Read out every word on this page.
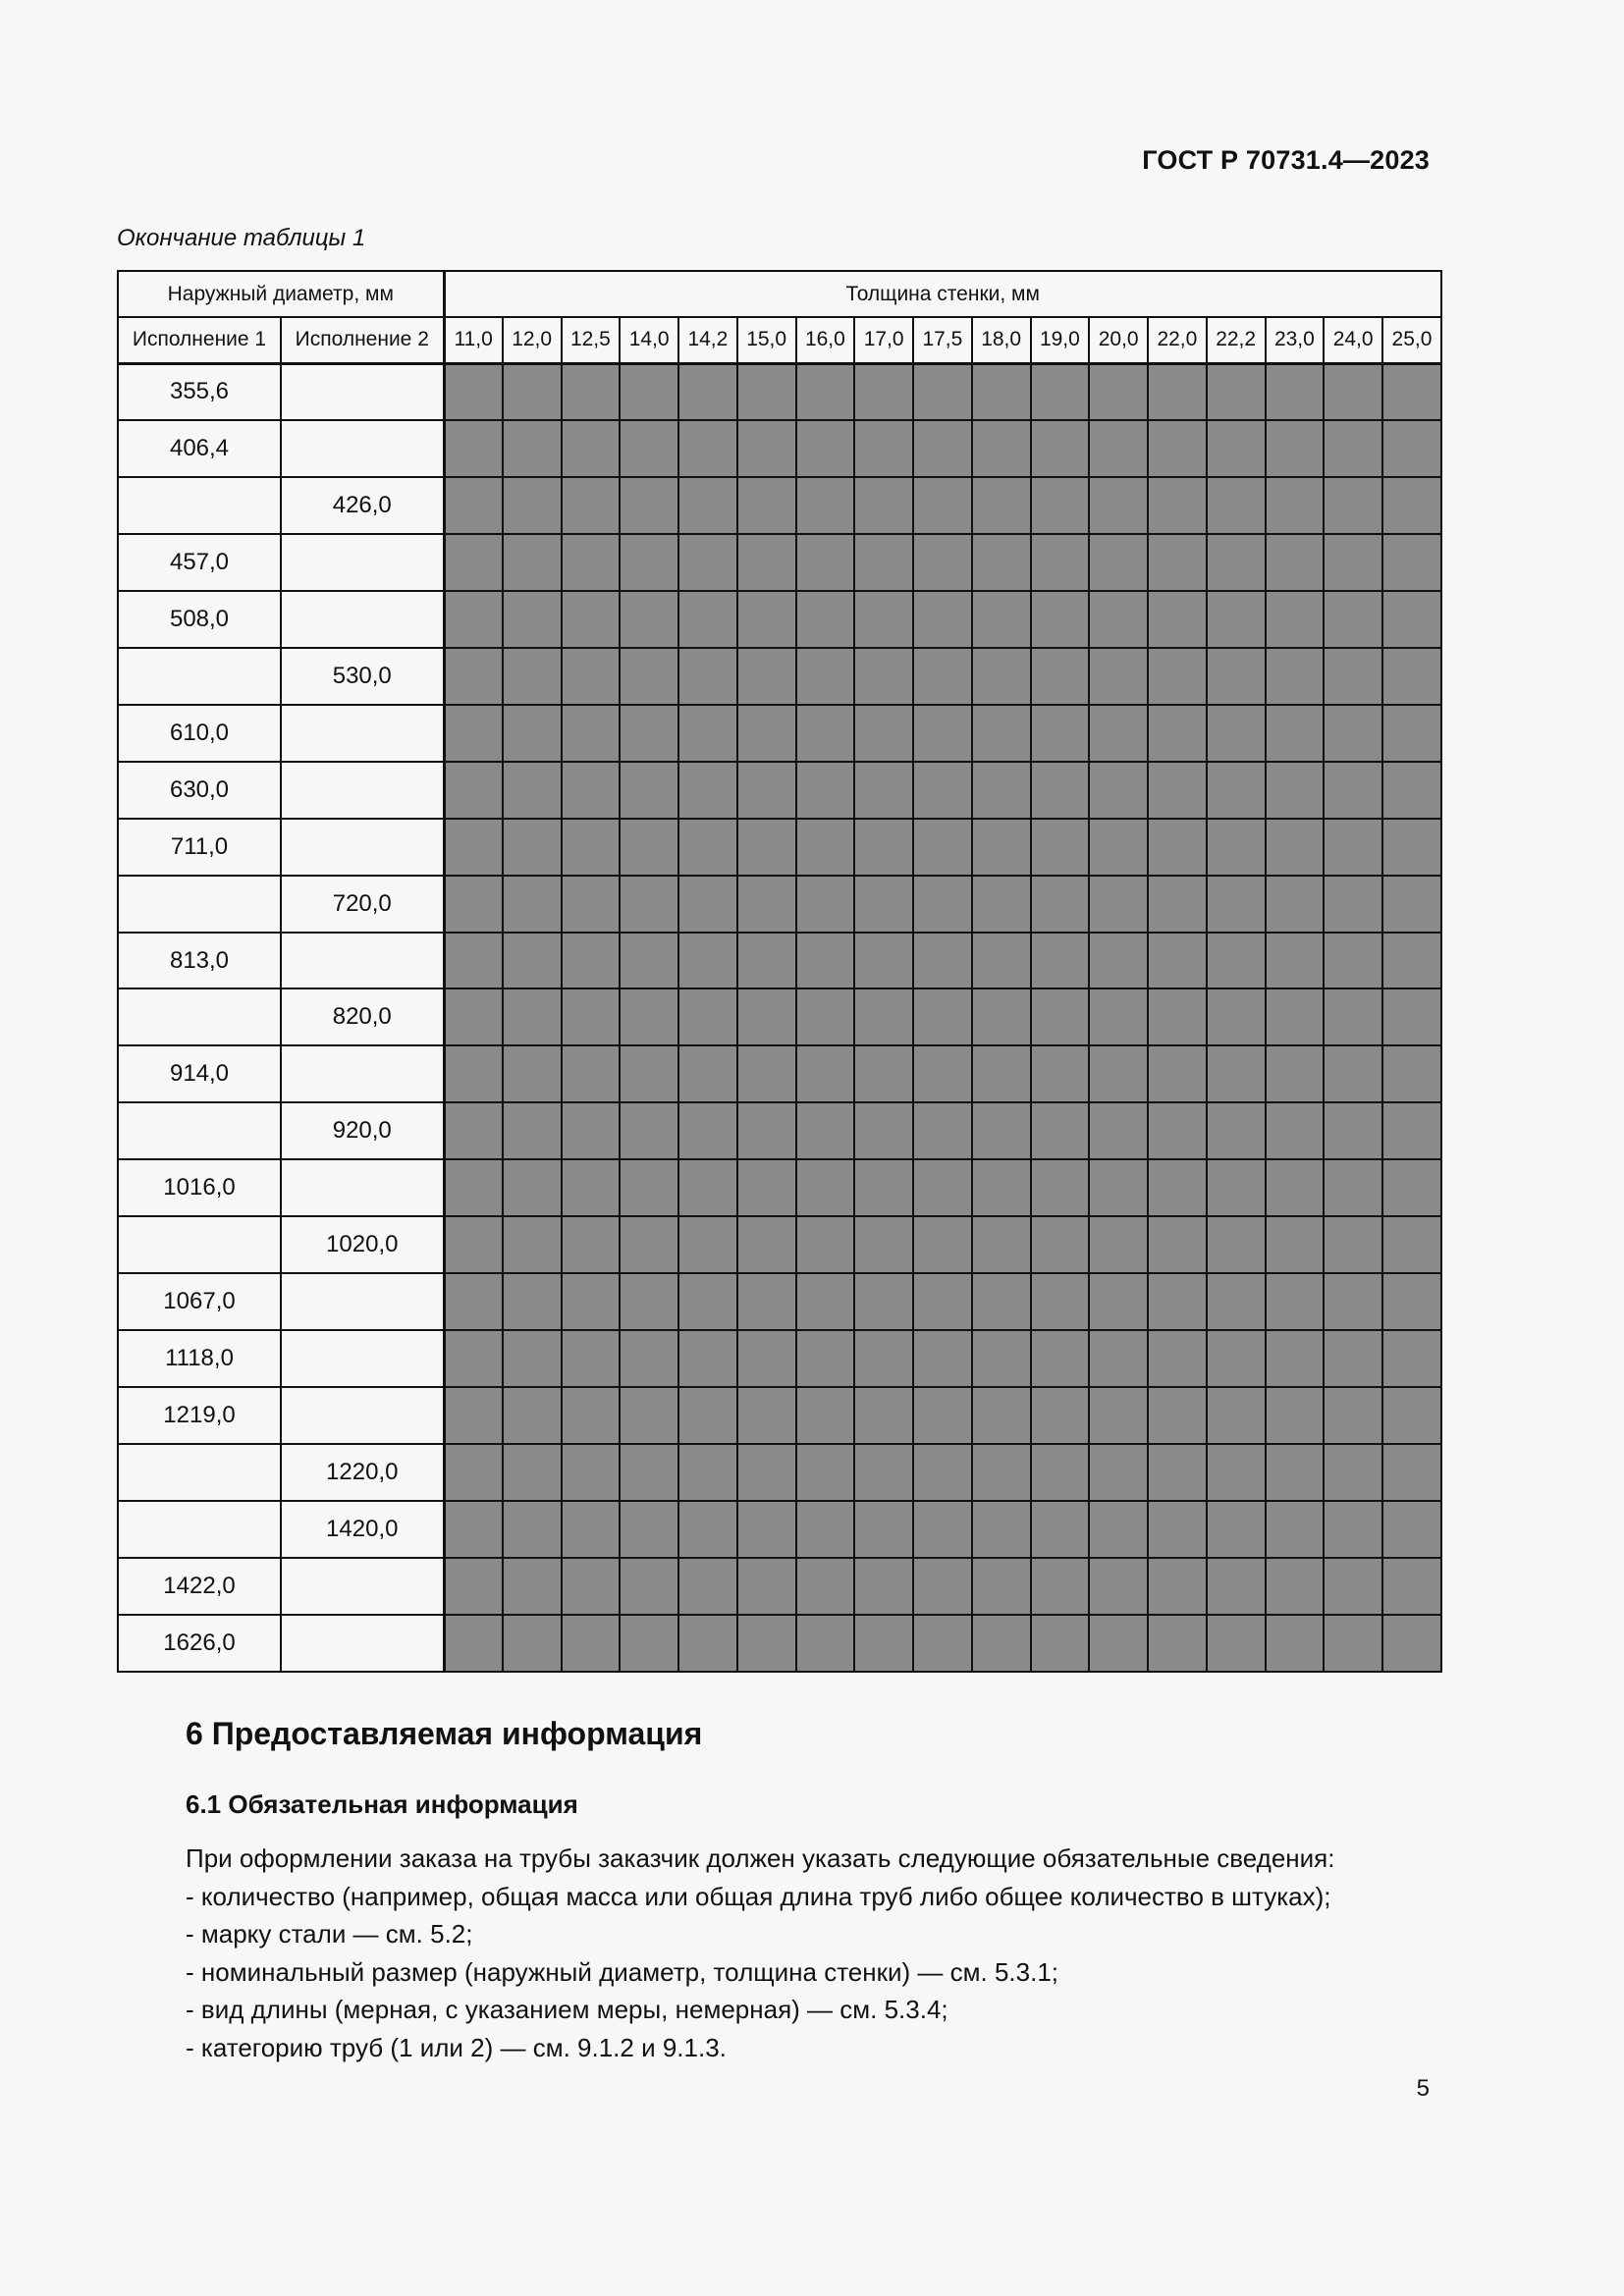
ГОСТ Р 70731.4—2023
Окончание таблицы 1
Наружный диаметр, мм		Толщина стенки, мм																
Исполнение 1	Исполнение 2	11,0	12,0	12,5	14,0	14,2	15,0	16,0	17,0	17,5	18,0	19,0	20,0	22,0	22,2	23,0	24,0	25,0
355,6																		
406,4																		
	426,0																	
457,0																		
508,0																		
	530,0																	
610,0																		
630,0																		
711,0																		
	720,0																	
813,0																		
	820,0																	
914,0																		
	920,0																	
1016,0																		
	1020,0																	
1067,0																		
1118,0																		
1219,0																		
	1220,0																	
	1420,0																	
1422,0																		
1626,0																		
6 Предоставляемая информация
6.1 Обязательная информация

При оформлении заказа на трубы заказчик должен указать следующие обязательные сведения:

- количество (например, общая масса или общая длина труб либо общее количество в штуках);

- марку стали — см. 5.2;

- номинальный размер (наружный диаметр, толщина стенки) — см. 5.3.1;

- вид длины (мерная, с указанием меры, немерная) — см. 5.3.4;

- категорию труб (1 или 2) — см. 9.1.2 и 9.1.3.

5
